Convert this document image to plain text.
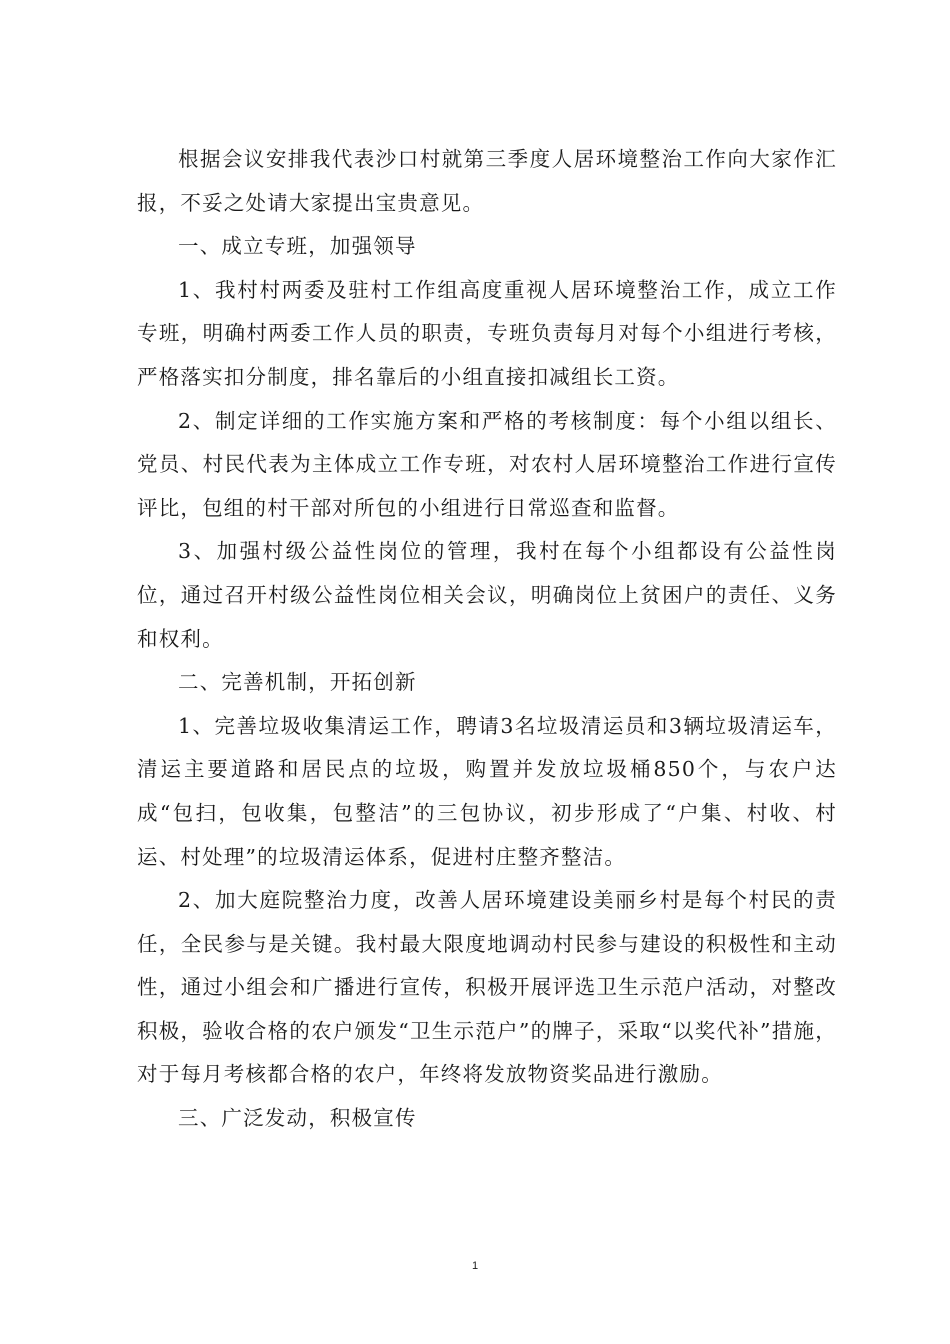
根据会议安排我代表沙口村就第三季度人居环境整治工作向大家作汇报，不妥之处请大家提出宝贵意见。

一、成立专班，加强领导

1、我村村两委及驻村工作组高度重视人居环境整治工作，成立工作专班，明确村两委工作人员的职责，专班负责每月对每个小组进行考核，严格落实扣分制度，排名靠后的小组直接扣减组长工资。

2、制定详细的工作实施方案和严格的考核制度：每个小组以组长、党员、村民代表为主体成立工作专班，对农村人居环境整治工作进行宣传评比，包组的村干部对所包的小组进行日常巡查和监督。

3、加强村级公益性岗位的管理，我村在每个小组都设有公益性岗位，通过召开村级公益性岗位相关会议，明确岗位上贫困户的责任、义务和权利。

二、完善机制，开拓创新

1、完善垃圾收集清运工作，聘请3名垃圾清运员和3辆垃圾清运车，清运主要道路和居民点的垃圾，购置并发放垃圾桶850个，与农户达成“包扫，包收集，包整洁”的三包协议，初步形成了“户集、村收、村运、村处理”的垃圾清运体系，促进村庄整齐整洁。

2、加大庭院整治力度，改善人居环境建设美丽乡村是每个村民的责任，全民参与是关键。我村最大限度地调动村民参与建设的积极性和主动性，通过小组会和广播进行宣传，积极开展评选卫生示范户活动，对整改积极，验收合格的农户颁发“卫生示范户”的牌子，采取“以奖代补”措施，对于每月考核都合格的农户，年终将发放物资奖品进行激励。

三、广泛发动，积极宣传

1
